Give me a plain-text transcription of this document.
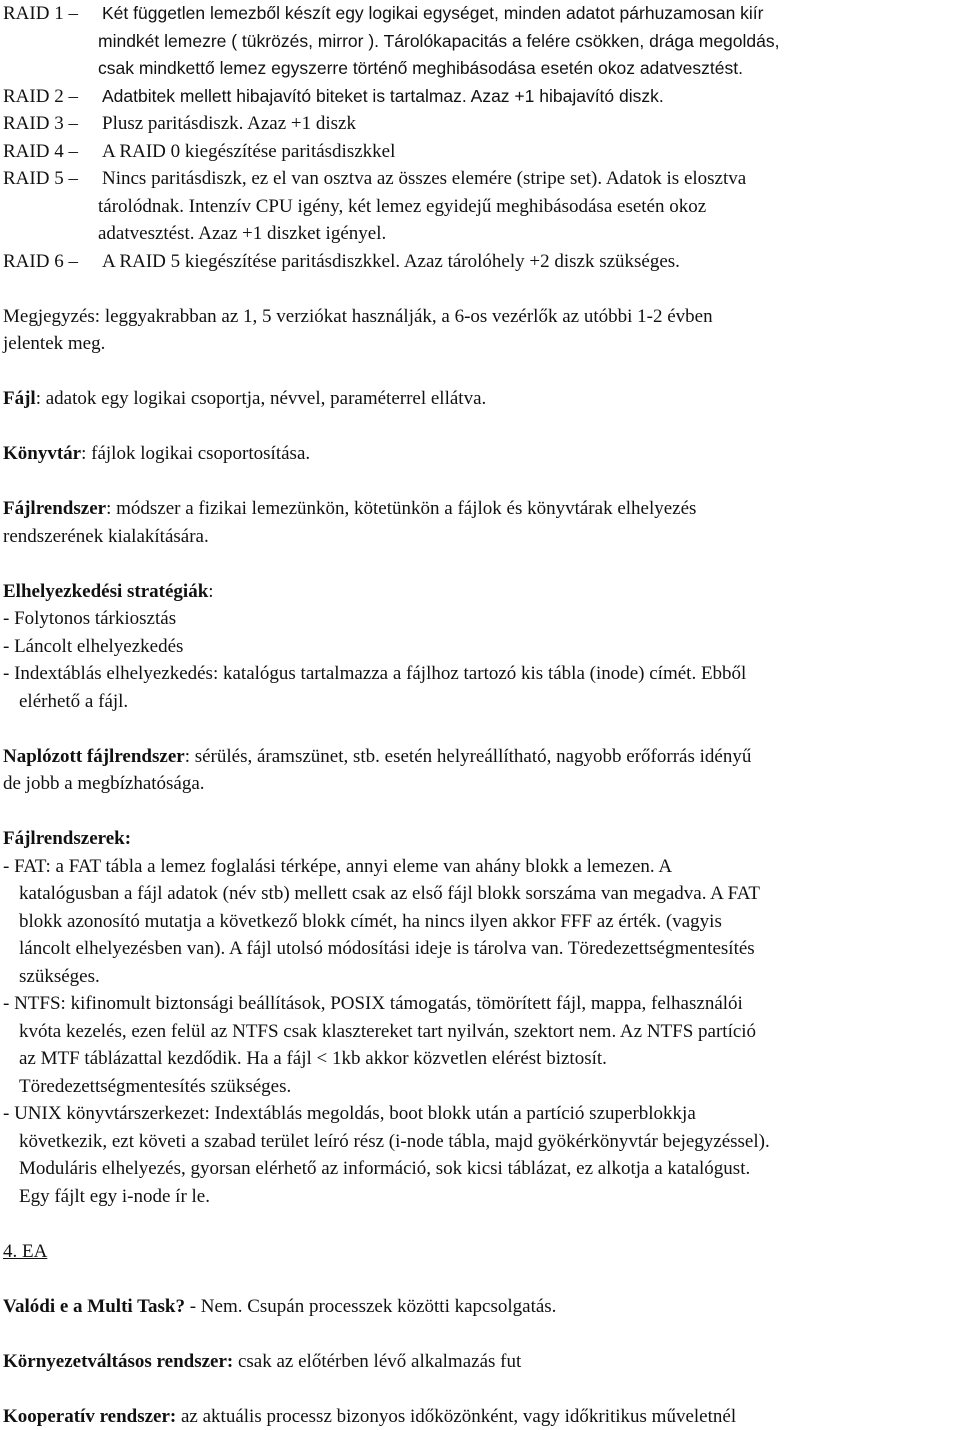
RAID 1 –	Két független lemezből készít egy logikai egységet, minden adatot párhuzamosan kiír
mindkét lemezre ( tükrözés, mirror ). Tárolókapacitás a felére csökken, drága megoldás,
csak mindkettő lemez egyszerre történő meghibásodása esetén okoz adatvesztést.
RAID 2 –	Adatbitek mellett hibajavító biteket is tartalmaz. Azaz +1 hibajavító diszk.
RAID 3 –	Plusz paritásdiszk. Azaz +1 diszk
RAID 4 –	A RAID 0 kiegészítése paritásdiszkkel
RAID 5 –	Nincs paritásdiszk, ez el van osztva az összes elemére (stripe set). Adatok is elosztva
tárolódnak. Intenzív CPU igény, két lemez egyidejű meghibásodása esetén okoz
adatvesztést. Azaz +1 diszket igényel.
RAID 6 –	A RAID 5 kiegészítése paritásdiszkkel. Azaz tárolóhely +2 diszk szükséges.

Megjegyzés: leggyakrabban az 1, 5 verziókat használják, a 6-os vezérlők az utóbbi 1-2 évben

jelentek meg.

Fájl: adatok egy logikai csoportja, névvel, paraméterrel ellátva.

Könyvtár: fájlok logikai csoportosítása.

Fájlrendszer: módszer a fizikai lemezünkön, kötetünkön a fájlok és könyvtárak elhelyezés

rendszerének kialakítására.

Elhelyezkedési stratégiák:

- Folytonos tárkiosztás

- Láncolt elhelyezkedés

- Indextáblás elhelyezkedés: katalógus tartalmazza a fájlhoz tartozó kis tábla (inode) címét. Ebből

elérhető a fájl.

Naplózott fájlrendszer: sérülés, áramszünet, stb. esetén helyreállítható, nagyobb erőforrás idényű

de jobb a megbízhatósága.

Fájlrendszerek:

- FAT: a FAT tábla a lemez foglalási térképe, annyi eleme van ahány blokk a lemezen. A

katalógusban a fájl adatok (név stb) mellett csak az első fájl blokk sorszáma van megadva. A FAT

blokk azonosító mutatja a következő blokk címét, ha nincs ilyen akkor FFF az érték. (vagyis

láncolt elhelyezésben van). A fájl utolsó módosítási ideje is tárolva van. Töredezettségmentesítés

szükséges.

- NTFS: kifinomult biztonsági beállítások, POSIX támogatás, tömörített fájl, mappa, felhasználói

kvóta kezelés, ezen felül az NTFS csak klasztereket tart nyilván, szektort nem. Az NTFS partíció

az MTF táblázattal kezdődik. Ha a fájl < 1kb akkor közvetlen elérést biztosít.

Töredezettségmentesítés szükséges.

- UNIX könyvtárszerkezet: Indextáblás megoldás, boot blokk után a partíció szuperblokkja

következik, ezt követi a szabad terület leíró rész (i-node tábla, majd gyökérkönyvtár bejegyzéssel).

Moduláris elhelyezés, gyorsan elérhető az információ, sok kicsi táblázat, ez alkotja a katalógust.

Egy fájlt egy i-node ír le.

4. EA

Valódi e a Multi Task? - Nem. Csupán processzek közötti kapcsolgatás.

Környezetváltásos rendszer: csak az előtérben lévő alkalmazás fut

Kooperatív rendszer: az aktuális processz bizonyos időközönként, vagy időkritikus műveletnél
